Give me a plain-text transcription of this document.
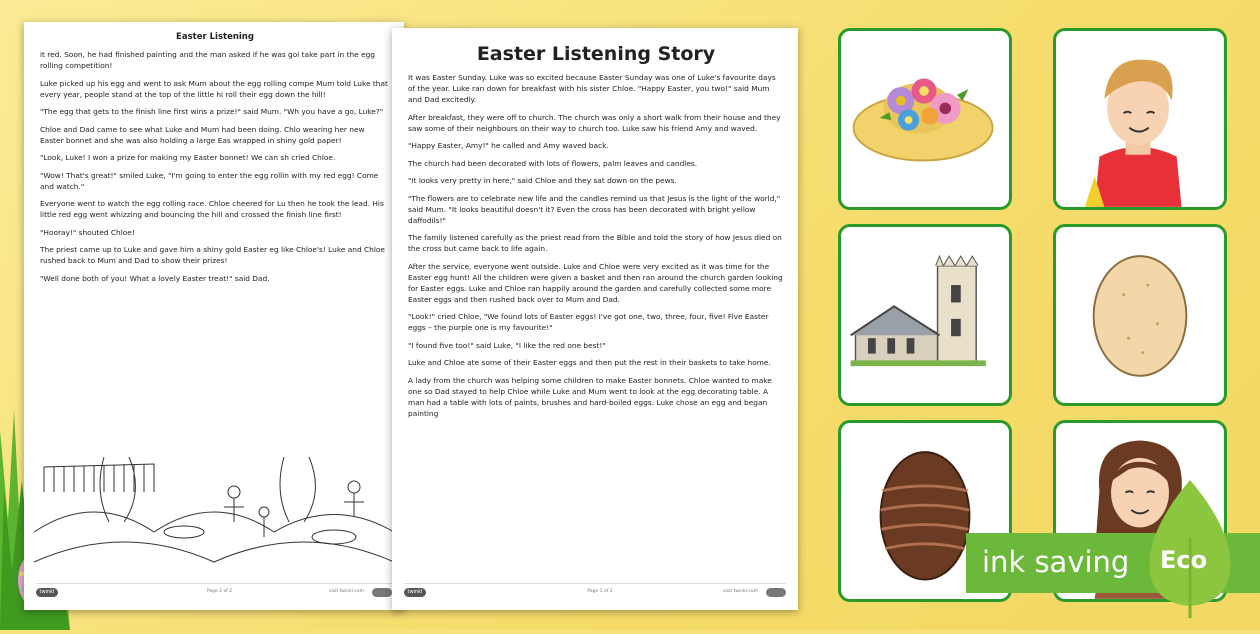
Easter Listening

it red. Soon, he had finished painting and the man asked if he was goi take part in the egg rolling competition!

Luke picked up his egg and went to ask Mum about the egg rolling compe Mum told Luke that every year, people stand at the top of the little hi roll their egg down the hill!

"The egg that gets to the finish line first wins a prize!" said Mum. "Wh you have a go, Luke?"

Chloe and Dad came to see what Luke and Mum had been doing. Chlo wearing her new Easter bonnet and she was also holding a large Eas wrapped in shiny gold paper!

"Look, Luke! I won a prize for making my Easter bonnet! We can sh cried Chloe.

"Wow! That's great!" smiled Luke, "I'm going to enter the egg rollin with my red egg! Come and watch."

Everyone went to watch the egg rolling race. Chloe cheered for Lu then he took the lead. His little red egg went whizzing and bouncing the hill and crossed the finish line first!

"Hooray!" shouted Chloe!

The priest came up to Luke and gave him a shiny gold Easter eg like Chloe's! Luke and Chloe rushed back to Mum and Dad to show their prizes!

"Well done both of you! What a lovely Easter treat!" said Dad.

twinkl	Page 2 of 2	visit twinkl.com
Easter Listening Story

It was Easter Sunday. Luke was so excited because Easter Sunday was one of Luke's favourite days of the year. Luke ran down for breakfast with his sister Chloe. "Happy Easter, you two!" said Mum and Dad excitedly.

After breakfast, they were off to church. The church was only a short walk from their house and they saw some of their neighbours on their way to church too. Luke saw his friend Amy and waved.

"Happy Easter, Amy!" he called and Amy waved back.

The church had been decorated with lots of flowers, palm leaves and candles.

"It looks very pretty in here," said Chloe and they sat down on the pews.

"The flowers are to celebrate new life and the candles remind us that Jesus is the light of the world," said Mum. "It looks beautiful doesn't it? Even the cross has been decorated with bright yellow daffodils!"

The family listened carefully as the priest read from the Bible and told the story of how Jesus died on the cross but came back to life again.

After the service, everyone went outside. Luke and Chloe were very excited as it was time for the Easter egg hunt! All the children were given a basket and then ran around the church garden looking for Easter eggs. Luke and Chloe ran happily around the garden and carefully collected some more Easter eggs and then rushed back over to Mum and Dad.

"Look!" cried Chloe, "We found lots of Easter eggs! I've got one, two, three, four, five! Five Easter eggs – the purple one is my favourite!"

"I found five too!" said Luke, "I like the red one best!"

Luke and Chloe ate some of their Easter eggs and then put the rest in their baskets to take home.

A lady from the church was helping some children to make Easter bonnets. Chloe wanted to make one so Dad stayed to help Chloe while Luke and Mum went to look at the egg decorating table. A man had a table with lots of paints, brushes and hard-boiled eggs. Luke chose an egg and began painting

twinkl	Page 1 of 2	visit twinkl.com
ink saving Eco
